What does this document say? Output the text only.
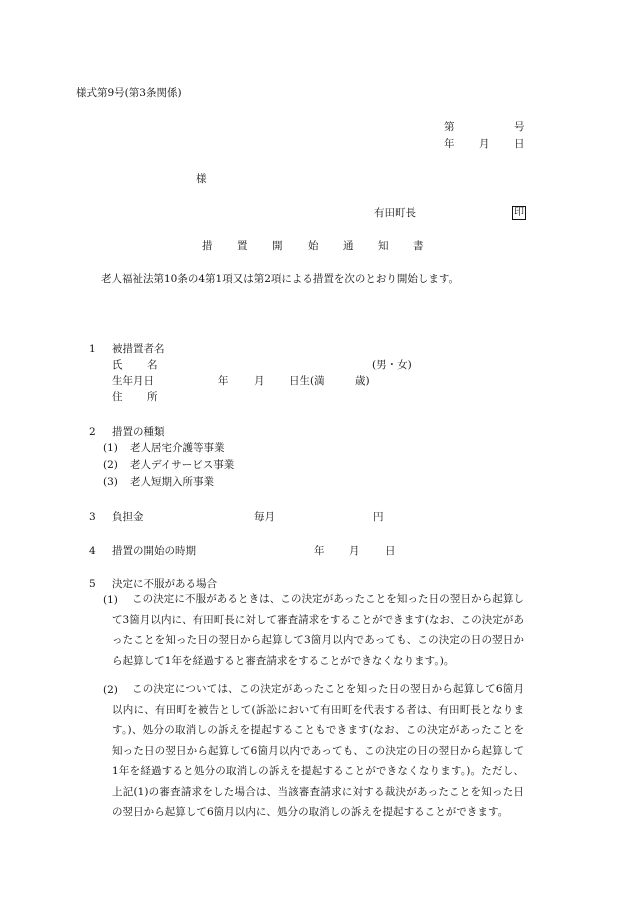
様式第9号(第3条関係)
第	号
年 月 日
様
有田町長	印
措 置 開 始 通 知 書
老人福祉法第10条の4第1項又は第2項による措置を次のとおり開始します。
1 被措置者名
氏 名	(男・女)
生年月日	年 月 日生(満	歳)
住 所
2 措置の種類
(1) 老人居宅介護等事業
(2) 老人デイサービス事業
(3) 老人短期入所事業
3 負担金	毎月	円
4 措置の開始の時期	年 月 日
5 決定に不服がある場合
(1)	この決定に不服があるときは、この決定があったことを知った日の翌日から起算して3箇月以内に、有田町長に対して審査請求をすることができます(なお、この決定があったことを知った日の翌日から起算して3箇月以内であっても、この決定の日の翌日から起算して1年を経過すると審査請求をすることができなくなります。)。
(2)	この決定については、この決定があったことを知った日の翌日から起算して6箇月以内に、有田町を被告として(訴訟において有田町を代表する者は、有田町長となります。)、処分の取消しの訴えを提起することもできます(なお、この決定があったことを知った日の翌日から起算して6箇月以内であっても、この決定の日の翌日から起算して1年を経過すると処分の取消しの訴えを提起することができなくなります。)。ただし、上記(1)の審査請求をした場合は、当該審査請求に対する裁決があったことを知った日の翌日から起算して6箇月以内に、処分の取消しの訴えを提起することができます。
